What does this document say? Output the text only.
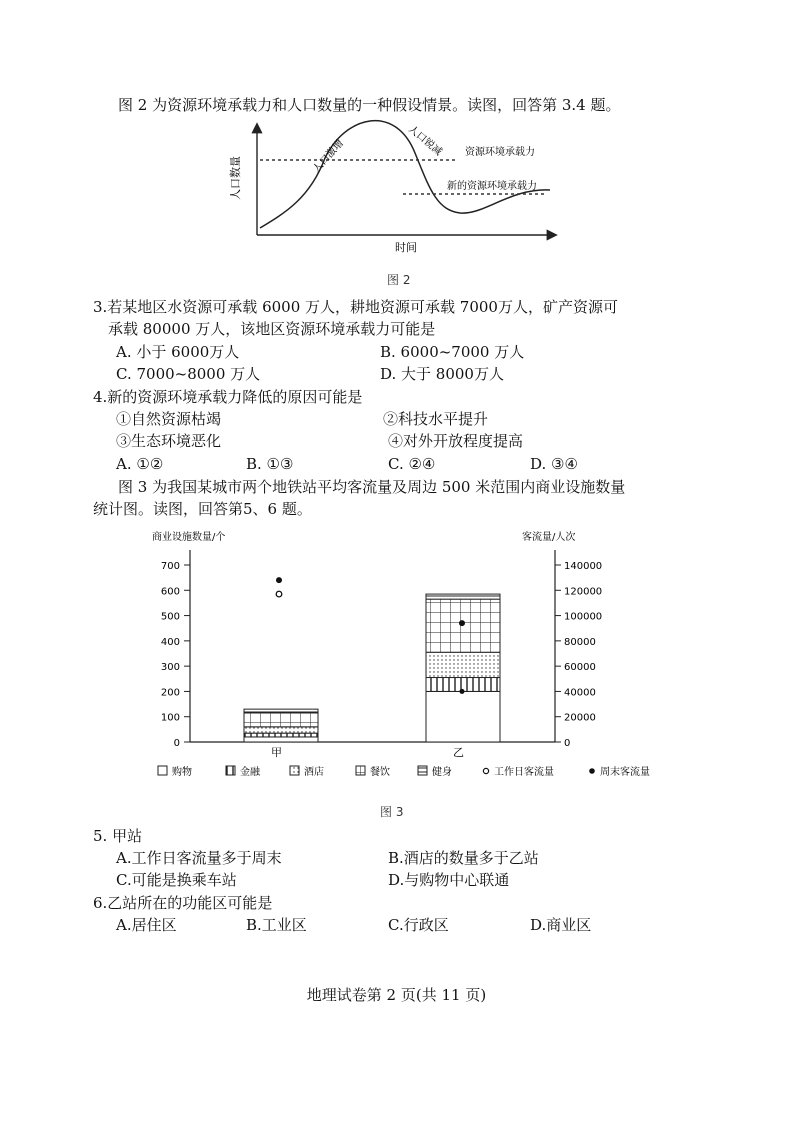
图 2 为资源环境承载力和人口数量的一种假设情景。读图，回答第 3.4 题。
人口数量
时间
人口激增	人口锐减 资源环境承载力
新的资源环境承载力
图 2
3.若某地区水资源可承载 6000 万人，耕地资源可承载 7000万人，矿产资源可
承载 80000 万人，该地区资源环境承载力可能是
A. 小于 6000万人	B. 6000~7000 万人
C. 7000~8000 万人	D. 大于 8000万人
4.新的资源环境承载力降低的原因可能是
①自然资源枯竭	②科技水平提升
③生态环境恶化	④对外开放程度提高
A. ①②	B. ①③	C. ②④	D. ③④
图 3 为我国某城市两个地铁站平均客流量及周边 500 米范围内商业设施数量
统计图。读图，回答第5、6 题。
商业设施数量/个	客流量/人次
0
100
200
300
400
500
600
700
0
20000
40000
60000
80000
100000
120000
140000
甲	乙
购物	金融	酒店	餐饮	健身	工作日客流量	周末客流量
图 3
5. 甲站
A.工作日客流量多于周末	B.酒店的数量多于乙站
C.可能是换乘车站	D.与购物中心联通
6.乙站所在的功能区可能是
A.居住区	B.工业区	C.行政区	D.商业区
地理试卷第 2 页(共 11 页)
